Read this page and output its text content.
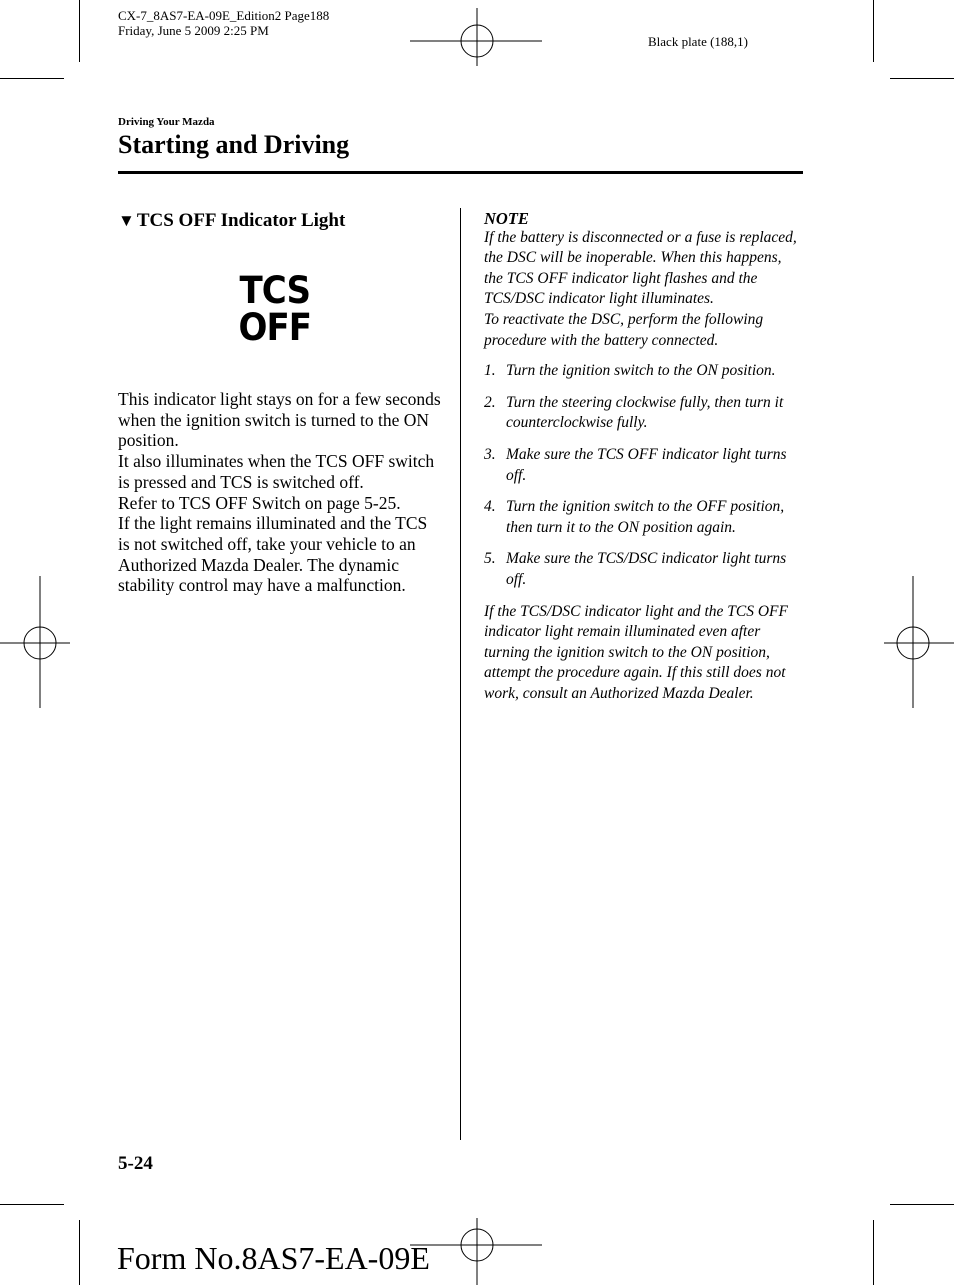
CX-7_8AS7-EA-09E_Edition2 Page188
Friday, June 5 2009 2:25 PM
Black plate (188,1)
Driving Your Mazda
Starting and Driving
▼ TCS OFF Indicator Light
TCS
OFF

This indicator light stays on for a few seconds when the ignition switch is turned to the ON position.

It also illuminates when the TCS OFF switch is pressed and TCS is switched off.

Refer to TCS OFF Switch on page 5-25.

If the light remains illuminated and the TCS is not switched off, take your vehicle to an Authorized Mazda Dealer. The dynamic stability control may have a malfunction.

NOTE

If the battery is disconnected or a fuse is replaced, the DSC will be inoperable. When this happens, the TCS OFF indicator light flashes and the TCS/DSC indicator light illuminates.

To reactivate the DSC, perform the following procedure with the battery connected.

1. Turn the ignition switch to the ON position.
2. Turn the steering clockwise fully, then turn it counterclockwise fully.
3. Make sure the TCS OFF indicator light turns off.
4. Turn the ignition switch to the OFF position, then turn it to the ON position again.
5. Make sure the TCS/DSC indicator light turns off.

If the TCS/DSC indicator light and the TCS OFF indicator light remain illuminated even after turning the ignition switch to the ON position, attempt the procedure again. If this still does not work, consult an Authorized Mazda Dealer.

5-24
Form No.8AS7-EA-09E
